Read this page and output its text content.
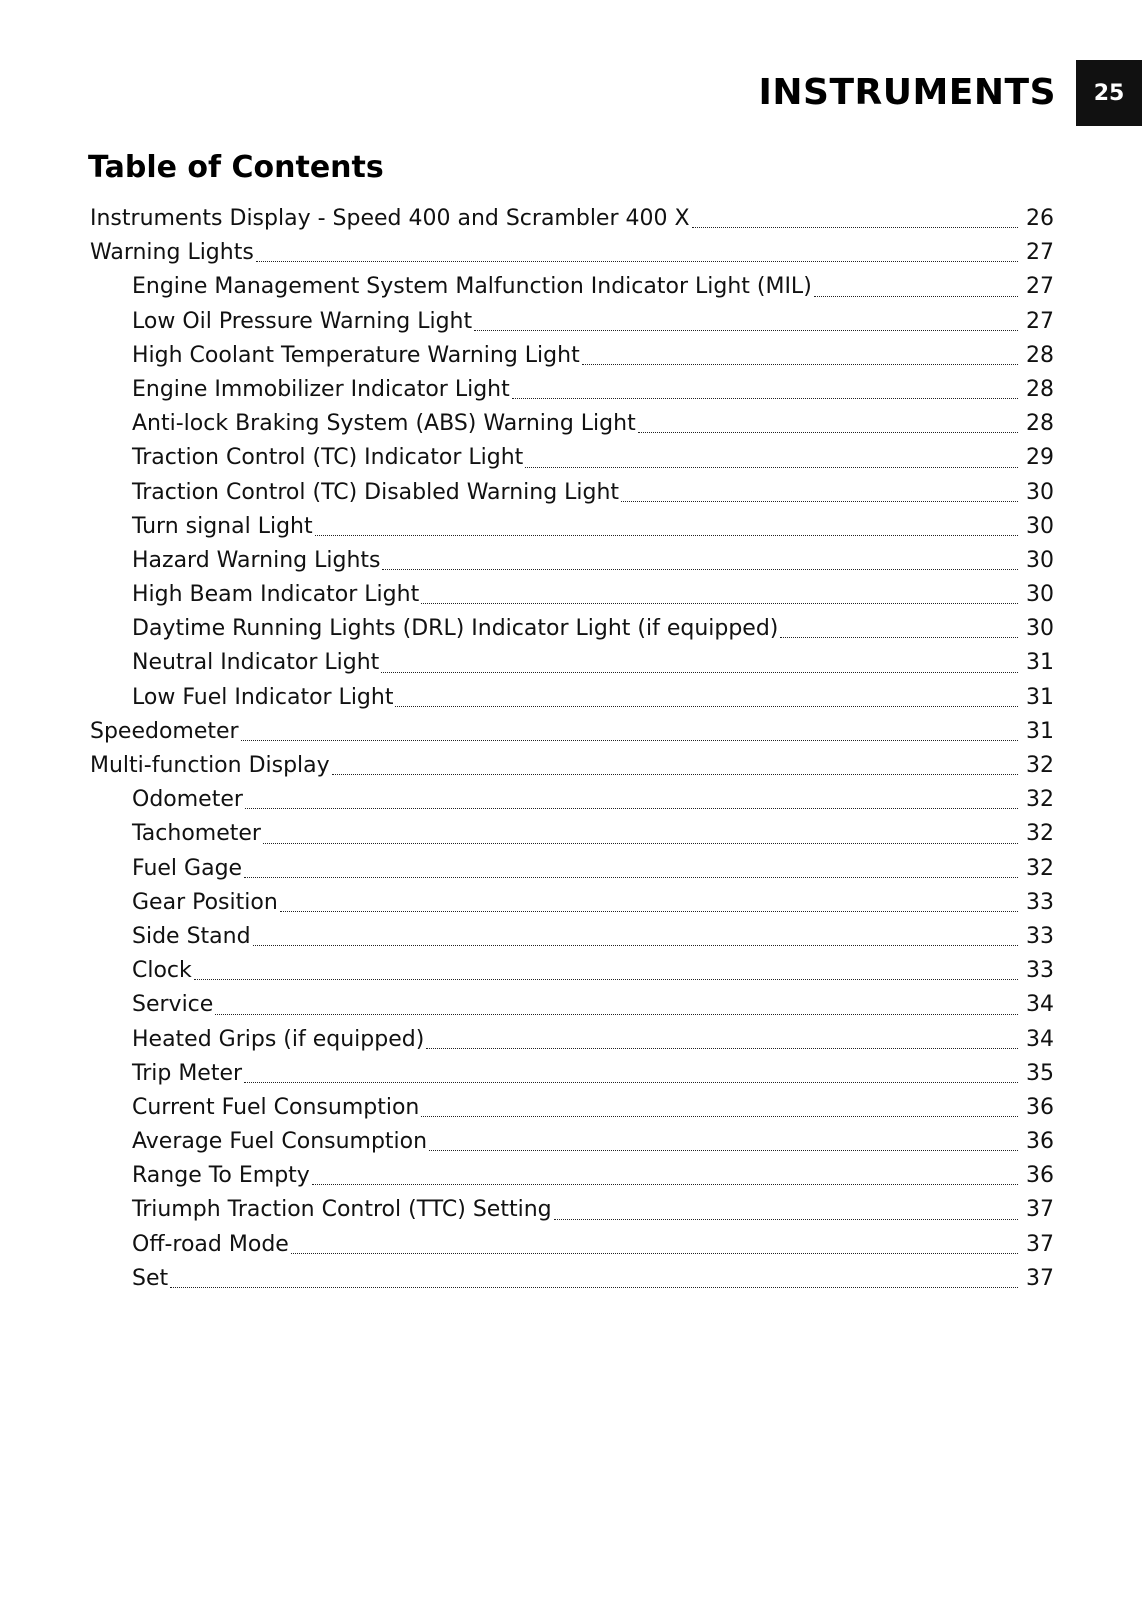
INSTRUMENTS 25
Table of Contents
Instruments Display - Speed 400 and Scrambler 400 X	26
Warning Lights	27
Engine Management System Malfunction Indicator Light (MIL)	27
Low Oil Pressure Warning Light	27
High Coolant Temperature Warning Light	28
Engine Immobilizer Indicator Light	28
Anti-lock Braking System (ABS) Warning Light	28
Traction Control (TC) Indicator Light	29
Traction Control (TC) Disabled Warning Light	30
Turn signal Light	30
Hazard Warning Lights	30
High Beam Indicator Light	30
Daytime Running Lights (DRL) Indicator Light (if equipped)	30
Neutral Indicator Light	31
Low Fuel Indicator Light	31
Speedometer	31
Multi-function Display	32
Odometer	32
Tachometer	32
Fuel Gage	32
Gear Position	33
Side Stand	33
Clock	33
Service	34
Heated Grips (if equipped)	34
Trip Meter	35
Current Fuel Consumption	36
Average Fuel Consumption	36
Range To Empty	36
Triumph Traction Control (TTC) Setting	37
Off-road Mode	37
Set	37
